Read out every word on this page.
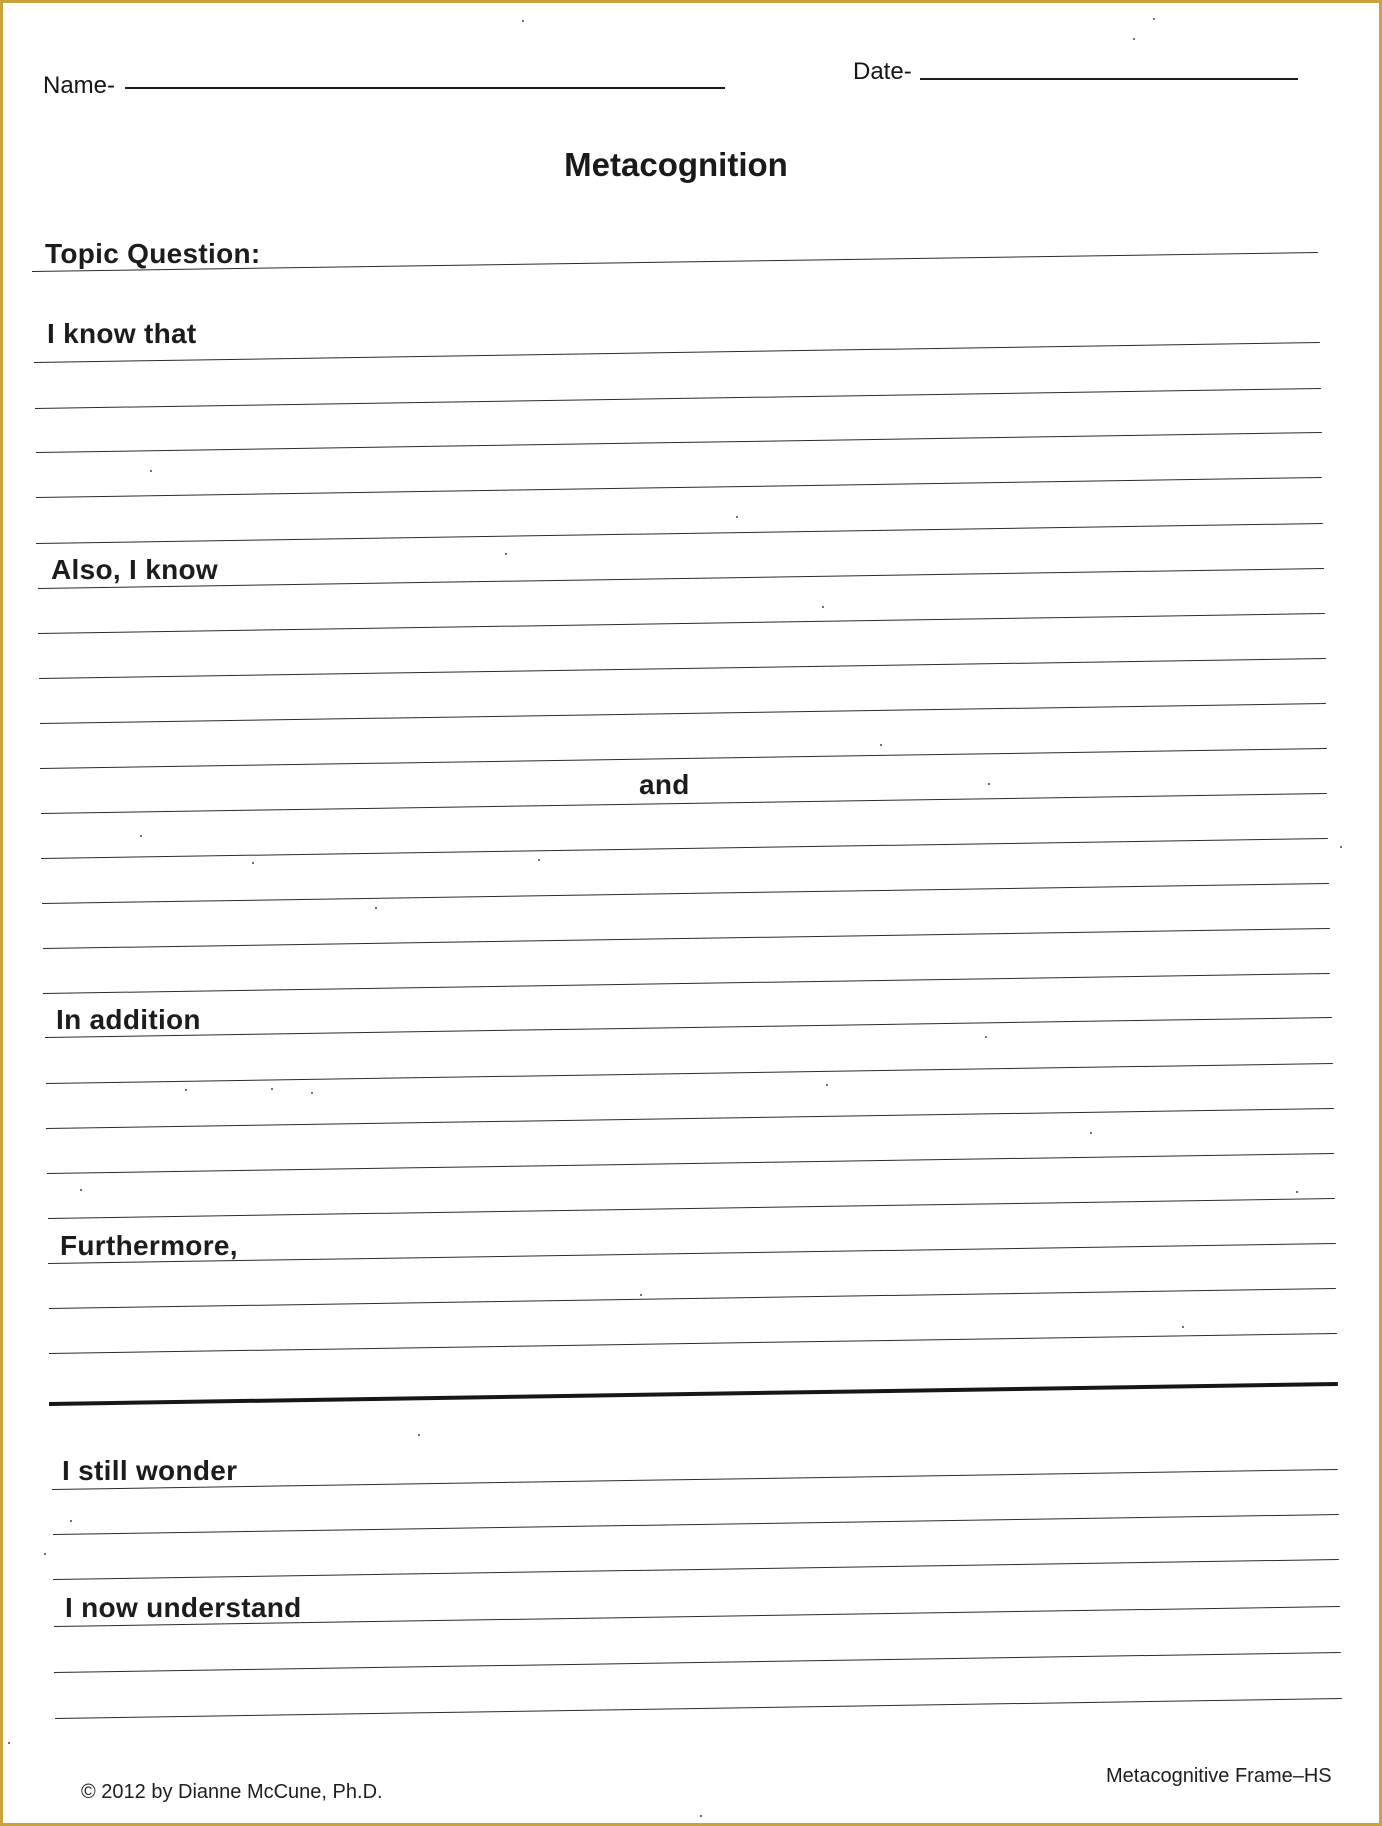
Name-
Date-
Metacognition
Topic Question:
I know that
Also, I know
and
In addition
Furthermore,
I still wonder
I now understand
© 2012 by Dianne McCune, Ph.D.
Metacognitive Frame–HS
